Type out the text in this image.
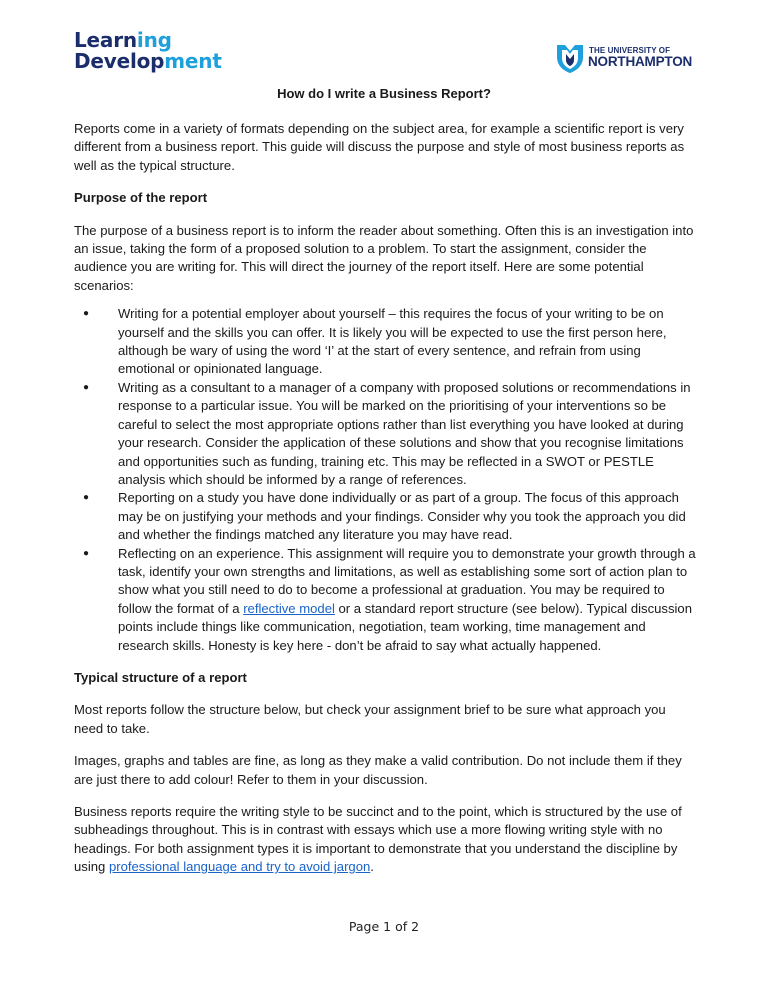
Learning
Development	THE UNIVERSITY OF
NORTHAMPTON
How do I write a Business Report?

Reports come in a variety of formats depending on the subject area, for example a scientific report is very different from a business report. This guide will discuss the purpose and style of most business reports as well as the typical structure.

Purpose of the report

The purpose of a business report is to inform the reader about something. Often this is an investigation into an issue, taking the form of a proposed solution to a problem. To start the assignment, consider the audience you are writing for. This will direct the journey of the report itself. Here are some potential scenarios:

● Writing for a potential employer about yourself – this requires the focus of your writing to be on yourself and the skills you can offer. It is likely you will be expected to use the first person here, although be wary of using the word ‘I’ at the start of every sentence, and refrain from using emotional or opinionated language.
● Writing as a consultant to a manager of a company with proposed solutions or recommendations in response to a particular issue. You will be marked on the prioritising of your interventions so be careful to select the most appropriate options rather than list everything you have looked at during your research. Consider the application of these solutions and show that you recognise limitations and opportunities such as funding, training etc. This may be reflected in a SWOT or PESTLE analysis which should be informed by a range of references.
● Reporting on a study you have done individually or as part of a group. The focus of this approach may be on justifying your methods and your findings. Consider why you took the approach you did and whether the findings matched any literature you may have read.
● Reflecting on an experience. This assignment will require you to demonstrate your growth through a task, identify your own strengths and limitations, as well as establishing some sort of action plan to show what you still need to do to become a professional at graduation. You may be required to follow the format of a reflective model or a standard report structure (see below). Typical discussion points include things like communication, negotiation, team working, time management and research skills. Honesty is key here - don’t be afraid to say what actually happened.

Typical structure of a report

Most reports follow the structure below, but check your assignment brief to be sure what approach you need to take.

Images, graphs and tables are fine, as long as they make a valid contribution. Do not include them if they are just there to add colour! Refer to them in your discussion.

Business reports require the writing style to be succinct and to the point, which is structured by the use of subheadings throughout. This is in contrast with essays which use a more flowing writing style with no headings. For both assignment types it is important to demonstrate that you understand the discipline by using professional language and try to avoid jargon.

Page 1 of 2
